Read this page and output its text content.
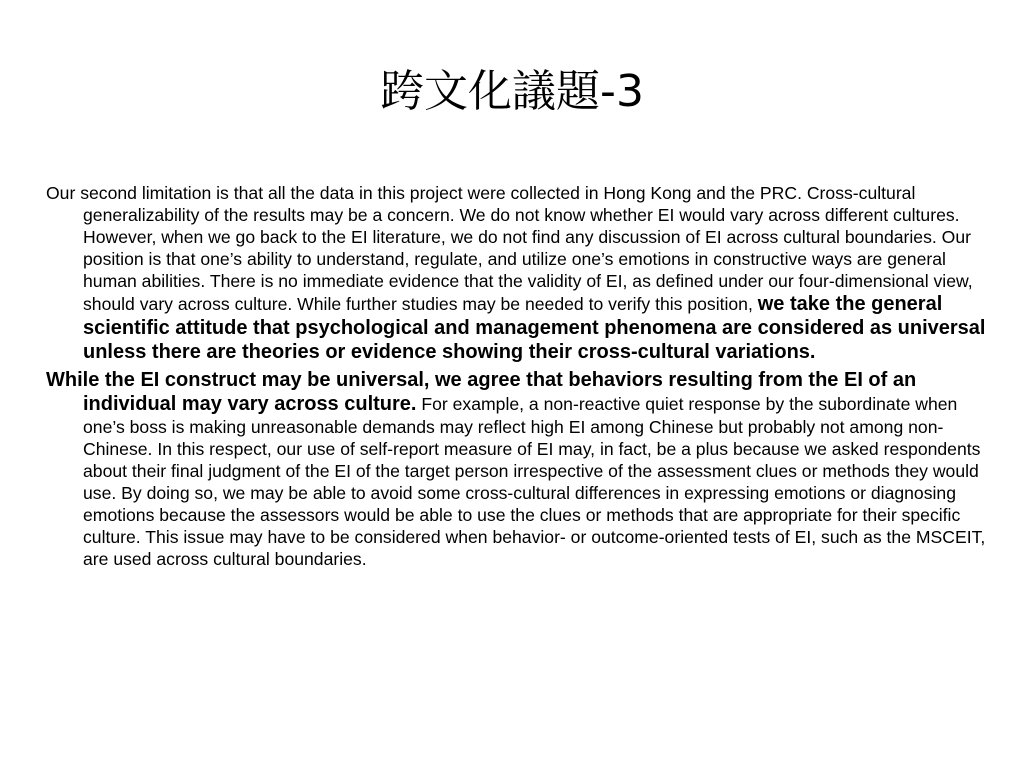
跨文化議題-3

Our second limitation is that all the data in this project were collected in Hong Kong and the PRC. Cross-cultural generalizability of the results may be a concern. We do not know whether EI would vary across different cultures. However, when we go back to the EI literature, we do not find any discussion of EI across cultural boundaries. Our position is that one’s ability to understand, regulate, and utilize one’s emotions in constructive ways are general human abilities. There is no immediate evidence that the validity of EI, as defined under our four-dimensional view, should vary across culture. While further studies may be needed to verify this position, we take the general scientific attitude that psychological and management phenomena are considered as universal unless there are theories or evidence showing their cross-cultural variations.

While the EI construct may be universal, we agree that behaviors resulting from the EI of an individual may vary across culture. For example, a non-reactive quiet response by the subordinate when one’s boss is making unreasonable demands may reflect high EI among Chinese but probably not among non-Chinese. In this respect, our use of self-report measure of EI may, in fact, be a plus because we asked respondents about their final judgment of the EI of the target person irrespective of the assessment clues or methods they would use. By doing so, we may be able to avoid some cross-cultural differences in expressing emotions or diagnosing emotions because the assessors would be able to use the clues or methods that are appropriate for their specific culture. This issue may have to be considered when behavior- or outcome-oriented tests of EI, such as the MSCEIT, are used across cultural boundaries.
